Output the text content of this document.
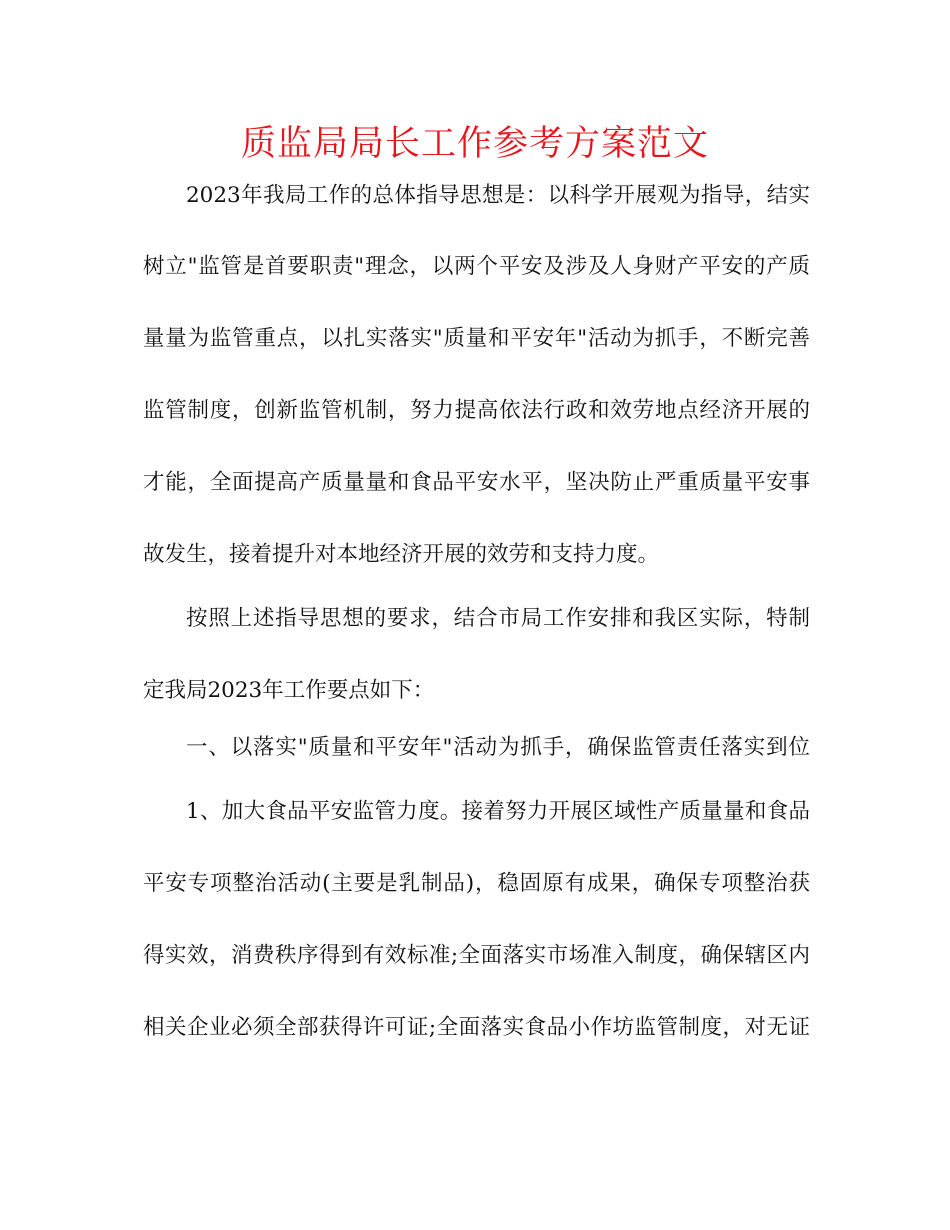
质监局局长工作参考方案范文
2023年我局工作的总体指导思想是：以科学开展观为指导，结实
树立"监管是首要职责"理念，以两个平安及涉及人身财产平安的产质
量量为监管重点，以扎实落实"质量和平安年"活动为抓手，不断完善
监管制度，创新监管机制，努力提高依法行政和效劳地点经济开展的
才能，全面提高产质量量和食品平安水平，坚决防止严重质量平安事
故发生，接着提升对本地经济开展的效劳和支持力度。
按照上述指导思想的要求，结合市局工作安排和我区实际，特制
定我局2023年工作要点如下：
一、以落实"质量和平安年"活动为抓手，确保监管责任落实到位
1、加大食品平安监管力度。接着努力开展区域性产质量量和食品
平安专项整治活动(主要是乳制品)，稳固原有成果，确保专项整治获
得实效，消费秩序得到有效标准;全面落实市场准入制度，确保辖区内
相关企业必须全部获得许可证;全面落实食品小作坊监管制度，对无证
